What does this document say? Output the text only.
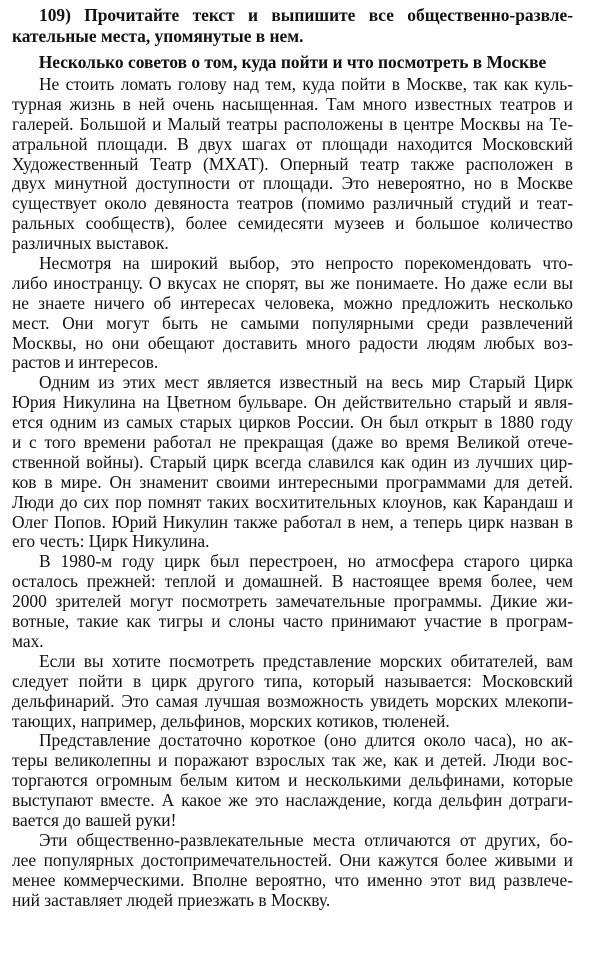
109) Прочитайте текст и выпишите все общественно-развле-
кательные места, упомянутые в нем.
Несколько советов о том, куда пойти и что посмотреть в Москве
Не стоить ломать голову над тем, куда пойти в Москве, так как куль-
турная жизнь в ней очень насыщенная. Там много известных театров и
галерей. Большой и Малый театры расположены в центре Москвы на Те-
атральной площади. В двух шагах от площади находится Московский
Художественный Театр (МХАТ). Оперный театр также расположен в
двух минутной доступности от площади. Это невероятно, но в Москве
существует около девяноста театров (помимо различный студий и теат-
ральных сообществ), более семидесяти музеев и большое количество
различных выставок.
Несмотря на широкий выбор, это непросто порекомендовать что-
либо иностранцу. О вкусах не спорят, вы же понимаете. Но даже если вы
не знаете ничего об интересах человека, можно предложить несколько
мест. Они могут быть не самыми популярными среди развлечений
Москвы, но они обещают доставить много радости людям любых воз-
растов и интересов.
Одним из этих мест является известный на весь мир Старый Цирк
Юрия Никулина на Цветном бульваре. Он действительно старый и явля-
ется одним из самых старых цирков России. Он был открыт в 1880 году
и с того времени работал не прекращая (даже во время Великой отече-
ственной войны). Старый цирк всегда славился как один из лучших цир-
ков в мире. Он знаменит своими интересными программами для детей.
Люди до сих пор помнят таких восхитительных клоунов, как Карандаш и
Олег Попов. Юрий Никулин также работал в нем, а теперь цирк назван в
его честь: Цирк Никулина.
В 1980-м году цирк был перестроен, но атмосфера старого цирка
осталось прежней: теплой и домашней. В настоящее время более, чем
2000 зрителей могут посмотреть замечательные программы. Дикие жи-
вотные, такие как тигры и слоны часто принимают участие в програм-
мах.
Если вы хотите посмотреть представление морских обитателей, вам
следует пойти в цирк другого типа, который называется: Московский
дельфинарий. Это самая лучшая возможность увидеть морских млекопи-
тающих, например, дельфинов, морских котиков, тюленей.
Представление достаточно короткое (оно длится около часа), но ак-
теры великолепны и поражают взрослых так же, как и детей. Люди вос-
торгаются огромным белым китом и несколькими дельфинами, которые
выступают вместе. А какое же это наслаждение, когда дельфин дотраги-
вается до вашей руки!
Эти общественно-развлекательные места отличаются от других, бо-
лее популярных достопримечательностей. Они кажутся более живыми и
менее коммерческими. Вполне вероятно, что именно этот вид развлече-
ний заставляет людей приезжать в Москву.
